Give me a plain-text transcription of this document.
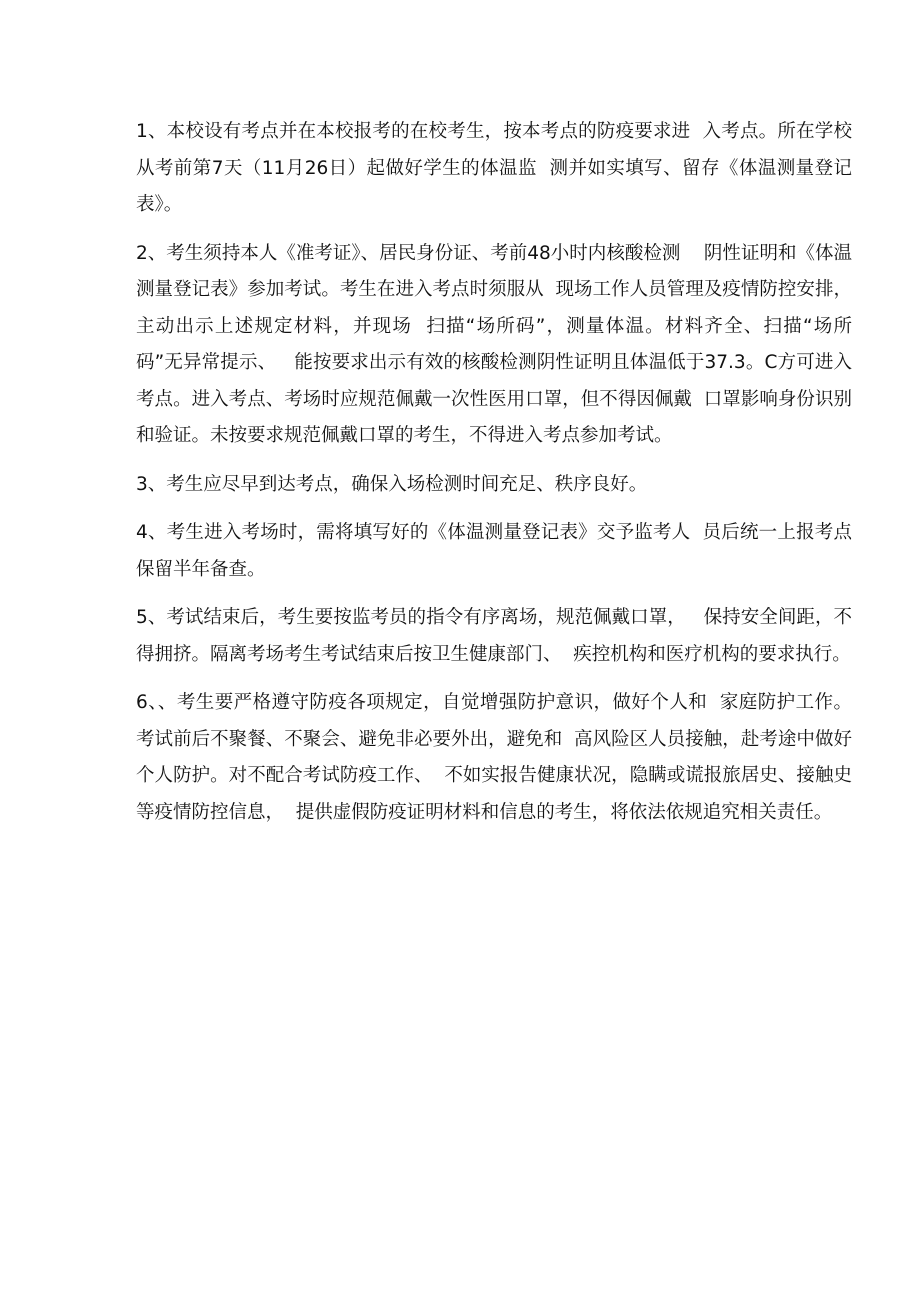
1、本校设有考点并在本校报考的在校考生，按本考点的防疫要求进  入考点。所在学校从考前第7天（11月26日）起做好学生的体温监  测并如实填写、留存《体温测量登记表》。

2、考生须持本人《准考证》、居民身份证、考前48小时内核酸检测    阴性证明和《体温测量登记表》参加考试。考生在进入考点时须服从  现场工作人员管理及疫情防控安排，主动出示上述规定材料，并现场  扫描“场所码”，测量体温。材料齐全、扫描“场所码”无异常提示、   能按要求出示有效的核酸检测阴性证明且体温低于37.3。C方可进入  考点。进入考点、考场时应规范佩戴一次性医用口罩，但不得因佩戴  口罩影响身份识别和验证。未按要求规范佩戴口罩的考生，不得进入考点参加考试。

3、考生应尽早到达考点，确保入场检测时间充足、秩序良好。

4、考生进入考场时，需将填写好的《体温测量登记表》交予监考人  员后统一上报考点保留半年备查。

5、考试结束后，考生要按监考员的指令有序离场，规范佩戴口罩，   保持安全间距，不得拥挤。隔离考场考生考试结束后按卫生健康部门、  疾控机构和医疗机构的要求执行。

6、、考生要严格遵守防疫各项规定，自觉增强防护意识，做好个人和  家庭防护工作。考试前后不聚餐、不聚会、避免非必要外出，避免和  高风险区人员接触，赴考途中做好个人防护。对不配合考试防疫工作、  不如实报告健康状况，隐瞒或谎报旅居史、接触史等疫情防控信息，  提供虚假防疫证明材料和信息的考生，将依法依规追究相关责任。
